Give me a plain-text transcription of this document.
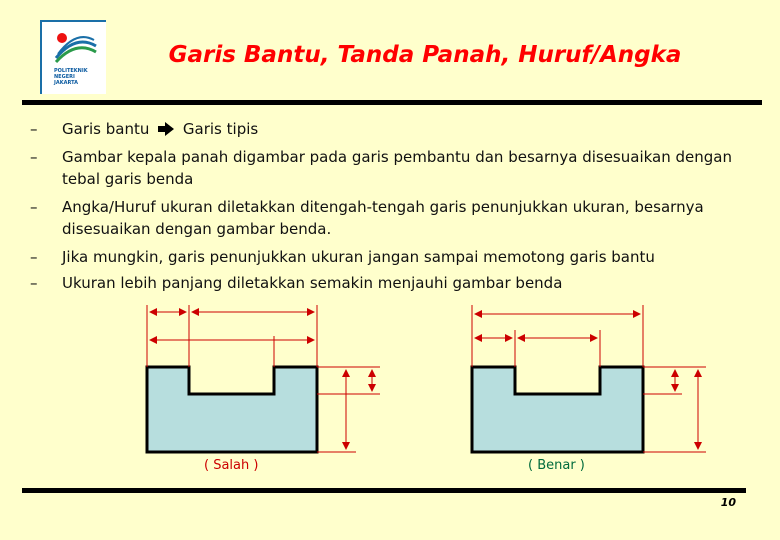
POLITEKNIK
NEGERI
JAKARTA
Garis Bantu, Tanda Panah, Huruf/Angka
–	Garis bantu Garis tipis
–	Gambar kepala panah digambar pada garis pembantu dan besarnya disesuaikan dengan tebal garis benda
–	Angka/Huruf ukuran diletakkan ditengah-tengah garis penunjukkan ukuran, besarnya disesuaikan dengan gambar benda.
–	Jika mungkin, garis penunjukkan ukuran jangan sampai memotong garis bantu
–	Ukuran lebih panjang diletakkan semakin menjauhi gambar benda
( Salah )	( Benar )
10
